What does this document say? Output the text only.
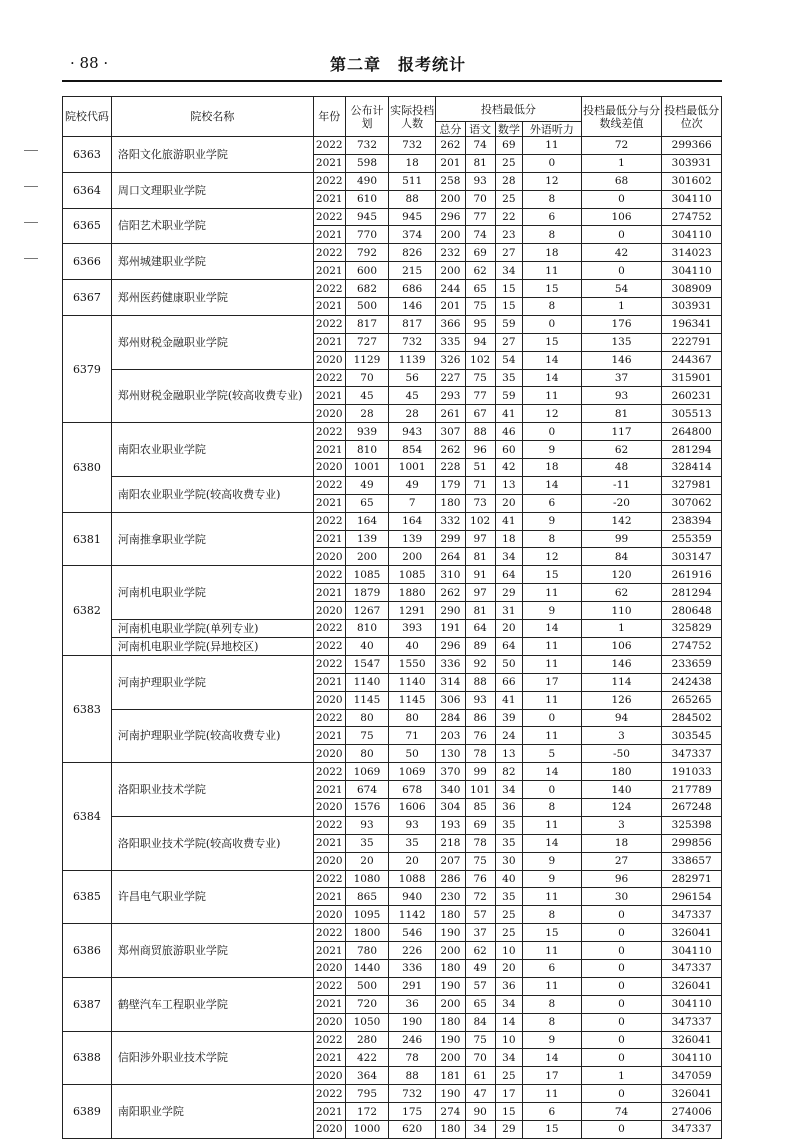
· 88 ·	第二章　报考统计
院校代码	院校名称	年份	公布计划	实际投档人数	投档最低分				投档最低分与分数线差值	投档最低分位次
					总分	语文	数学	外语听力		
6363	洛阳文化旅游职业学院	2022	732	732	262	74	69	11	72	299366
		2021	598	18	201	81	25	0	1	303931
6364	周口文理职业学院	2022	490	511	258	93	28	12	68	301602
		2021	610	88	200	70	25	8	0	304110
6365	信阳艺术职业学院	2022	945	945	296	77	22	6	106	274752
		2021	770	374	200	74	23	8	0	304110
6366	郑州城建职业学院	2022	792	826	232	69	27	18	42	314023
		2021	600	215	200	62	34	11	0	304110
6367	郑州医药健康职业学院	2022	682	686	244	65	15	15	54	308909
		2021	500	146	201	75	15	8	1	303931
6379	郑州财税金融职业学院	2022	817	817	366	95	59	0	176	196341
		2021	727	732	335	94	27	15	135	222791
		2020	1129	1139	326	102	54	14	146	244367
	郑州财税金融职业学院(较高收费专业)	2022	70	56	227	75	35	14	37	315901
		2021	45	45	293	77	59	11	93	260231
		2020	28	28	261	67	41	12	81	305513
6380	南阳农业职业学院	2022	939	943	307	88	46	0	117	264800
		2021	810	854	262	96	60	9	62	281294
		2020	1001	1001	228	51	42	18	48	328414
	南阳农业职业学院(较高收费专业)	2022	49	49	179	71	13	14	-11	327981
		2021	65	7	180	73	20	6	-20	307062
6381	河南推拿职业学院	2022	164	164	332	102	41	9	142	238394
		2021	139	139	299	97	18	8	99	255359
		2020	200	200	264	81	34	12	84	303147
6382	河南机电职业学院	2022	1085	1085	310	91	64	15	120	261916
		2021	1879	1880	262	97	29	11	62	281294
		2020	1267	1291	290	81	31	9	110	280648
	河南机电职业学院(单列专业)	2022	810	393	191	64	20	14	1	325829
	河南机电职业学院(异地校区)	2022	40	40	296	89	64	11	106	274752
6383	河南护理职业学院	2022	1547	1550	336	92	50	11	146	233659
		2021	1140	1140	314	88	66	17	114	242438
		2020	1145	1145	306	93	41	11	126	265265
	河南护理职业学院(较高收费专业)	2022	80	80	284	86	39	0	94	284502
		2021	75	71	203	76	24	11	3	303545
		2020	80	50	130	78	13	5	-50	347337
6384	洛阳职业技术学院	2022	1069	1069	370	99	82	14	180	191033
		2021	674	678	340	101	34	0	140	217789
		2020	1576	1606	304	85	36	8	124	267248
	洛阳职业技术学院(较高收费专业)	2022	93	93	193	69	35	11	3	325398
		2021	35	35	218	78	35	14	18	299856
		2020	20	20	207	75	30	9	27	338657
6385	许昌电气职业学院	2022	1080	1088	286	76	40	9	96	282971
		2021	865	940	230	72	35	11	30	296154
		2020	1095	1142	180	57	25	8	0	347337
6386	郑州商贸旅游职业学院	2022	1800	546	190	37	25	15	0	326041
		2021	780	226	200	62	10	11	0	304110
		2020	1440	336	180	49	20	6	0	347337
6387	鹤壁汽车工程职业学院	2022	500	291	190	57	36	11	0	326041
		2021	720	36	200	65	34	8	0	304110
		2020	1050	190	180	84	14	8	0	347337
6388	信阳涉外职业技术学院	2022	280	246	190	75	10	9	0	326041
		2021	422	78	200	70	34	14	0	304110
		2020	364	88	181	61	25	17	1	347059
6389	南阳职业学院	2022	795	732	190	47	17	11	0	326041
		2021	172	175	274	90	15	6	74	274006
		2020	1000	620	180	34	29	15	0	347337
